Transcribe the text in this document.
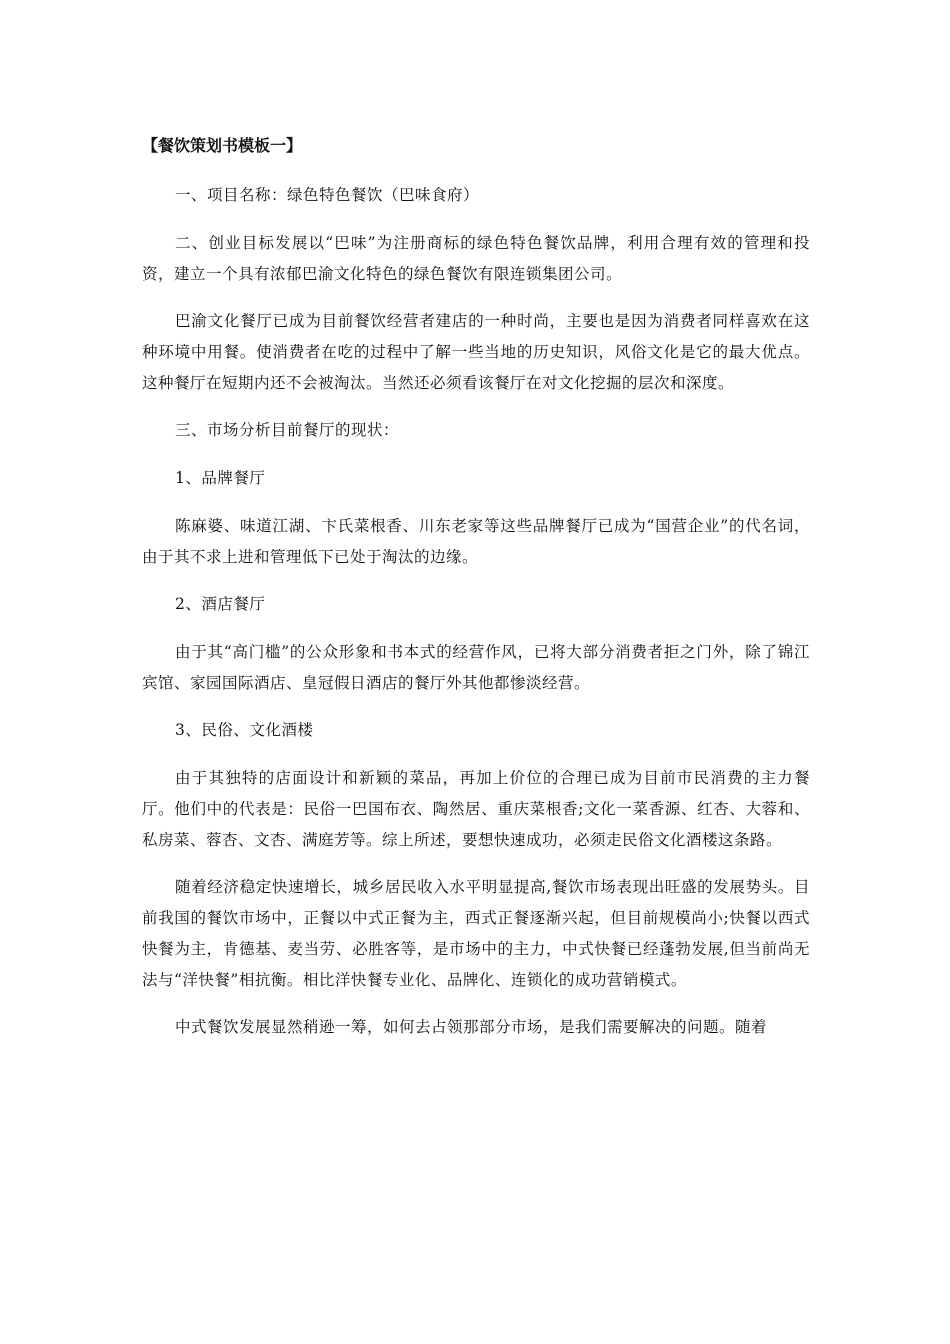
【餐饮策划书模板一】

一、项目名称：绿色特色餐饮（巴味食府）

二、创业目标发展以“巴味”为注册商标的绿色特色餐饮品牌，利用合理有效的管理和投资，建立一个具有浓郁巴渝文化特色的绿色餐饮有限连锁集团公司。

巴渝文化餐厅已成为目前餐饮经营者建店的一种时尚，主要也是因为消费者同样喜欢在这种环境中用餐。使消费者在吃的过程中了解一些当地的历史知识，风俗文化是它的最大优点。这种餐厅在短期内还不会被淘汰。当然还必须看该餐厅在对文化挖掘的层次和深度。

三、市场分析目前餐厅的现状：

1、品牌餐厅

陈麻婆、味道江湖、卞氏菜根香、川东老家等这些品牌餐厅已成为“国营企业”的代名词，由于其不求上进和管理低下已处于淘汰的边缘。

2、酒店餐厅

由于其“高门槛”的公众形象和书本式的经营作风，已将大部分消费者拒之门外，除了锦江宾馆、家园国际酒店、皇冠假日酒店的餐厅外其他都惨淡经营。

3、民俗、文化酒楼

由于其独特的店面设计和新颖的菜品，再加上价位的合理已成为目前市民消费的主力餐厅。他们中的代表是：民俗一巴国布衣、陶然居、重庆菜根香;文化一菜香源、红杏、大蓉和、私房菜、蓉杏、文杏、满庭芳等。综上所述，要想快速成功，必须走民俗文化酒楼这条路。

随着经济稳定快速增长，城乡居民收入水平明显提高,餐饮市场表现出旺盛的发展势头。目前我国的餐饮市场中，正餐以中式正餐为主，西式正餐逐渐兴起，但目前规模尚小;快餐以西式快餐为主，肯德基、麦当劳、必胜客等，是市场中的主力，中式快餐已经蓬勃发展,但当前尚无法与“洋快餐”相抗衡。相比洋快餐专业化、品牌化、连锁化的成功营销模式。

中式餐饮发展显然稍逊一筹，如何去占领那部分市场，是我们需要解决的问题。随着
